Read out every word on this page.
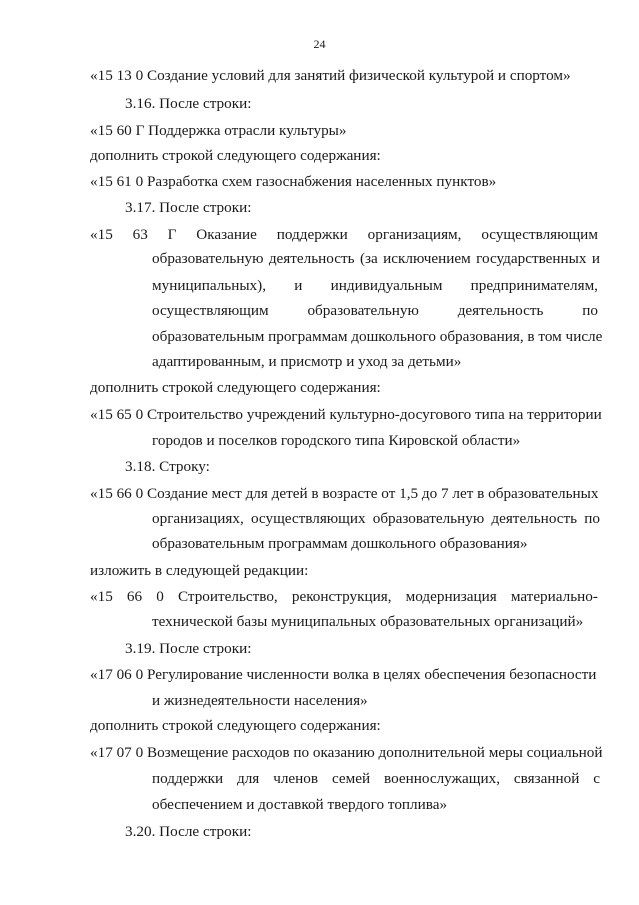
24
«15 13 0 Создание условий для занятий физической культурой и спортом»
3.16. После строки:
«15 60 Г Поддержка отрасли культуры»
дополнить строкой следующего содержания:
«15 61 0 Разработка схем газоснабжения населенных пунктов»
3.17. После строки:
«15 63 Г Оказание поддержки организациям, осуществляющим
образовательную деятельность (за исключением государственных и
муниципальных), и индивидуальным предпринимателям,
осуществляющим	образовательную	деятельность	по
образовательным программам дошкольного образования, в том числе
адаптированным, и присмотр и уход за детьми»
дополнить строкой следующего содержания:
«15 65 0 Строительство учреждений культурно-досугового типа на территории
городов и поселков городского типа Кировской области»
3.18. Строку:
«15 66 0 Создание мест для детей в возрасте от 1,5 до 7 лет в образовательных
организациях, осуществляющих образовательную деятельность по
образовательным программам дошкольного образования»
изложить в следующей редакции:
«15 66 0 Строительство, реконструкция, модернизация материально-
технической базы муниципальных образовательных организаций»
3.19. После строки:
«17 06 0 Регулирование численности волка в целях обеспечения безопасности
и жизнедеятельности населения»
дополнить строкой следующего содержания:
«17 07 0 Возмещение расходов по оказанию дополнительной меры социальной
поддержки для членов семей военнослужащих, связанной с
обеспечением и доставкой твердого топлива»
3.20. После строки:
